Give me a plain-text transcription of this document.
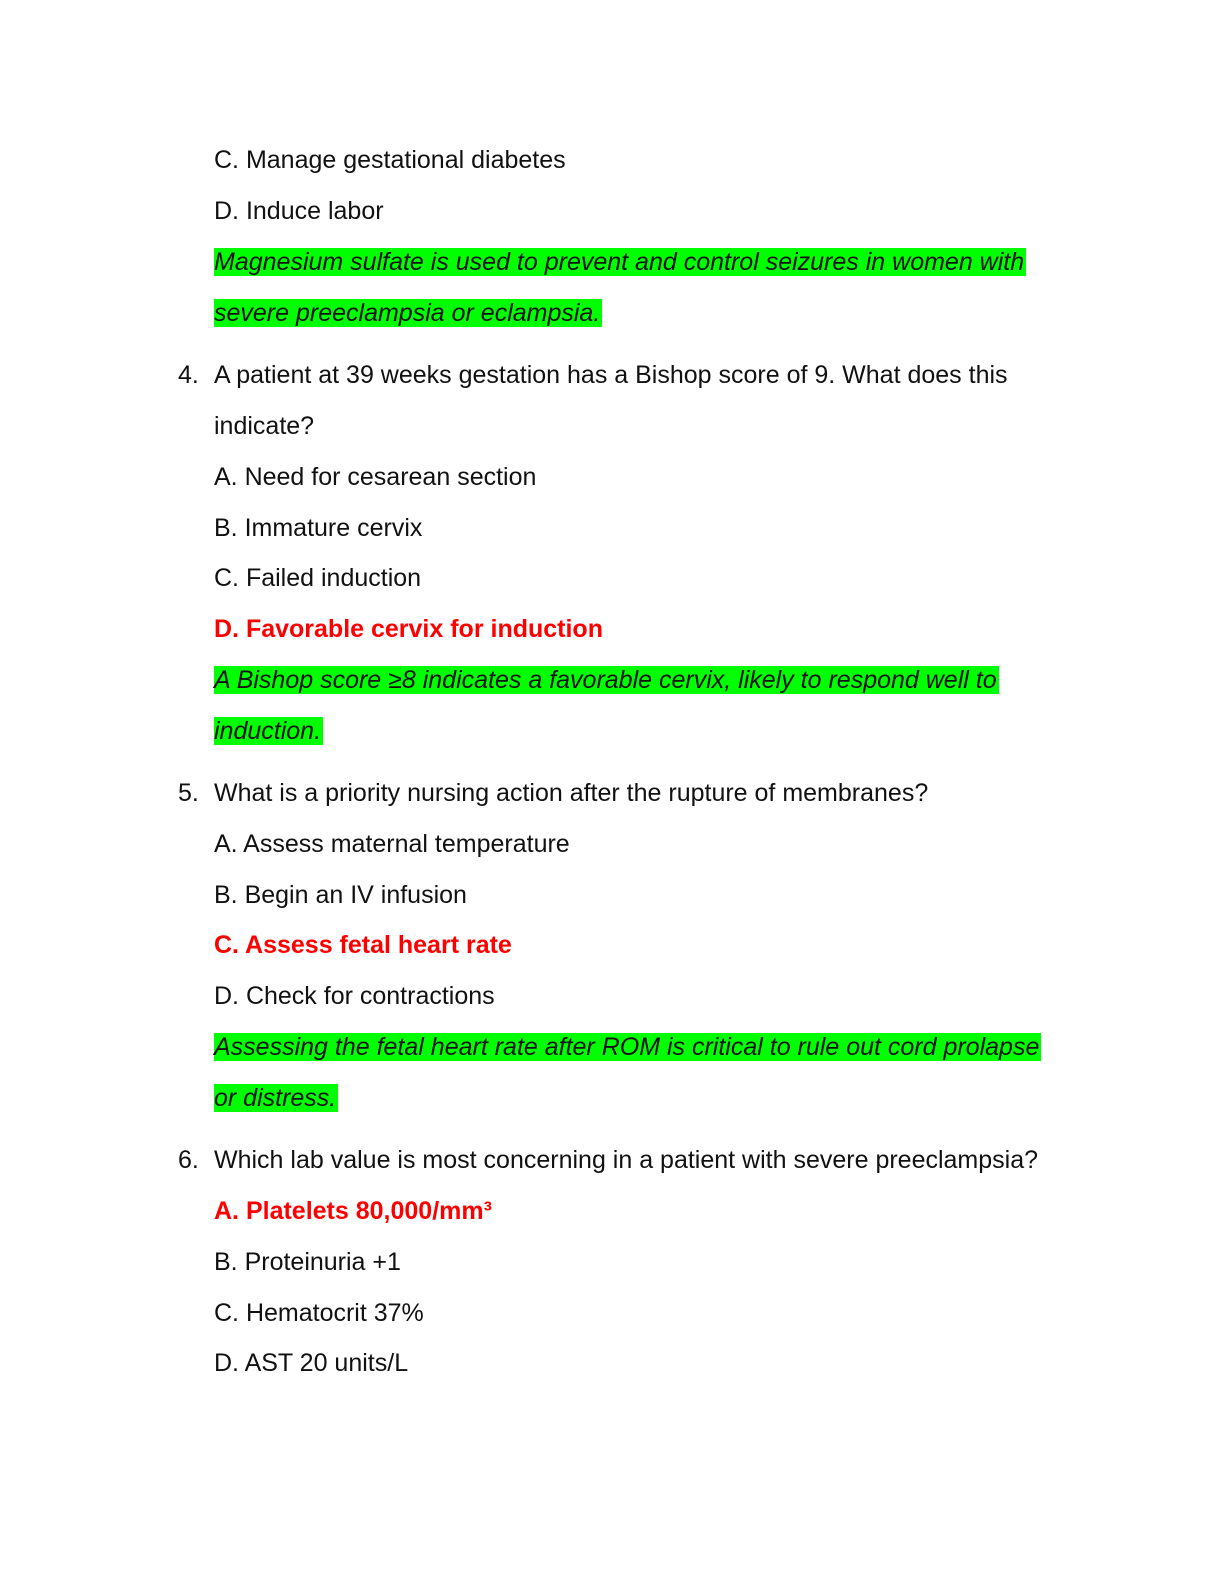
C. Manage gestational diabetes
D. Induce labor
Magnesium sulfate is used to prevent and control seizures in women with
severe preeclampsia or eclampsia.
4. A patient at 39 weeks gestation has a Bishop score of 9. What does this
indicate?
A. Need for cesarean section
B. Immature cervix
C. Failed induction
D. Favorable cervix for induction
A Bishop score ≥8 indicates a favorable cervix, likely to respond well to
induction.
5. What is a priority nursing action after the rupture of membranes?
A. Assess maternal temperature
B. Begin an IV infusion
C. Assess fetal heart rate
D. Check for contractions
Assessing the fetal heart rate after ROM is critical to rule out cord prolapse
or distress.
6. Which lab value is most concerning in a patient with severe preeclampsia?
A. Platelets 80,000/mm³
B. Proteinuria +1
C. Hematocrit 37%
D. AST 20 units/L
